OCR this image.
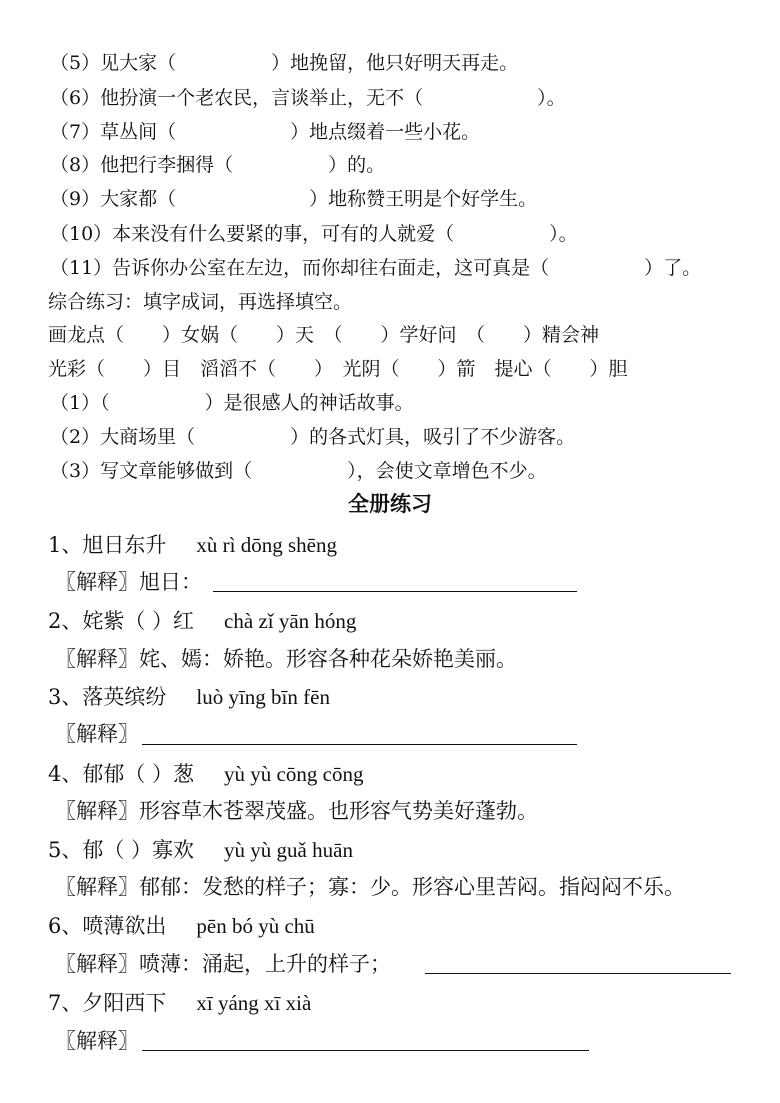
（5）见大家（　　　　　）地挽留，他只好明天再走。
（6）他扮演一个老农民，言谈举止，无不（　　　　　　）。
（7）草丛间（　　　　　　）地点缀着一些小花。
（8）他把行李捆得（　　　　　）的。
（9）大家都（　　　　　　　）地称赞王明是个好学生。
（10）本来没有什么要紧的事，可有的人就爱（　　　　　）。
（11）告诉你办公室在左边，而你却往右面走，这可真是（　　　　　）了。
综合练习：填字成词，再选择填空。
画龙点（　　）女娲（　　）天　（　　）学好问　（　　）精会神
光彩（　　）目　滔滔不（　　）　光阴（　　）箭　提心（　　）胆
（1）（　　　　　）是很感人的神话故事。
（2）大商场里（　　　　　）的各式灯具，吸引了不少游客。
（3）写文章能够做到（　　　　　），会使文章增色不少。
全册练习
1、旭日东升 xù rì dōng shēng
〖解释〗旭日：
2、姹紫（ ）红 chà zǐ yān hóng
〖解释〗姹、嫣：娇艳。形容各种花朵娇艳美丽。
3、落英缤纷 luò yīng bīn fēn
〖解释〗
4、郁郁（ ）葱 yù yù cōng cōng
〖解释〗形容草木苍翠茂盛。也形容气势美好蓬勃。
5、郁（ ）寡欢 yù yù guǎ huān
〖解释〗郁郁：发愁的样子；寡：少。形容心里苦闷。指闷闷不乐。
6、喷薄欲出 pēn bó yù chū
〖解释〗喷薄：涌起，上升的样子；
7、夕阳西下 xī yáng xī xià
〖解释〗
